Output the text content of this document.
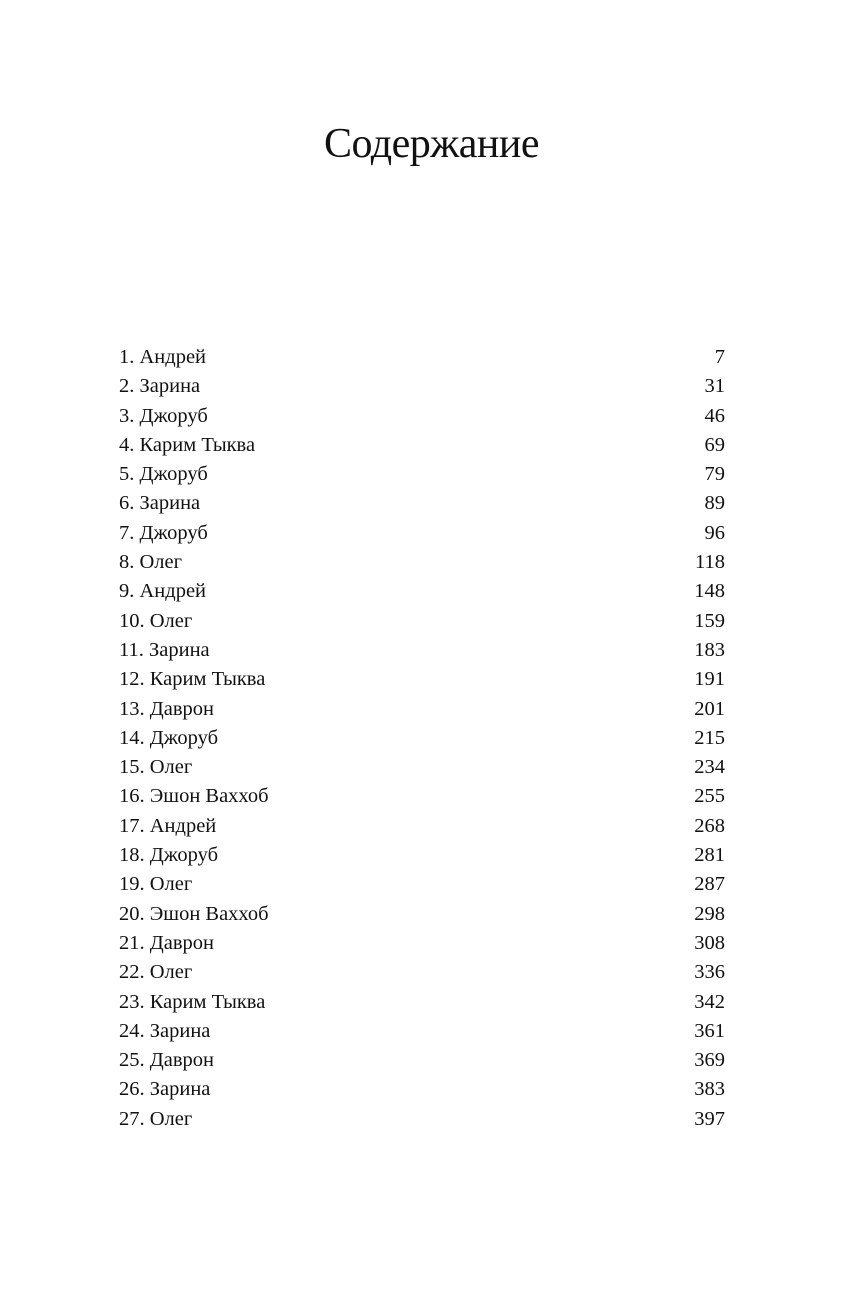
Содержание
1. Андрей	7
2. Зарина	31
3. Джоруб	46
4. Карим Тыква	69
5. Джоруб	79
6. Зарина	89
7. Джоруб	96
8. Олег	118
9. Андрей	148
10. Олег	159
11. Зарина	183
12. Карим Тыква	191
13. Даврон	201
14. Джоруб	215
15. Олег	234
16. Эшон Ваххоб	255
17. Андрей	268
18. Джоруб	281
19. Олег	287
20. Эшон Ваххоб	298
21. Даврон	308
22. Олег	336
23. Карим Тыква	342
24. Зарина	361
25. Даврон	369
26. Зарина	383
27. Олег	397
